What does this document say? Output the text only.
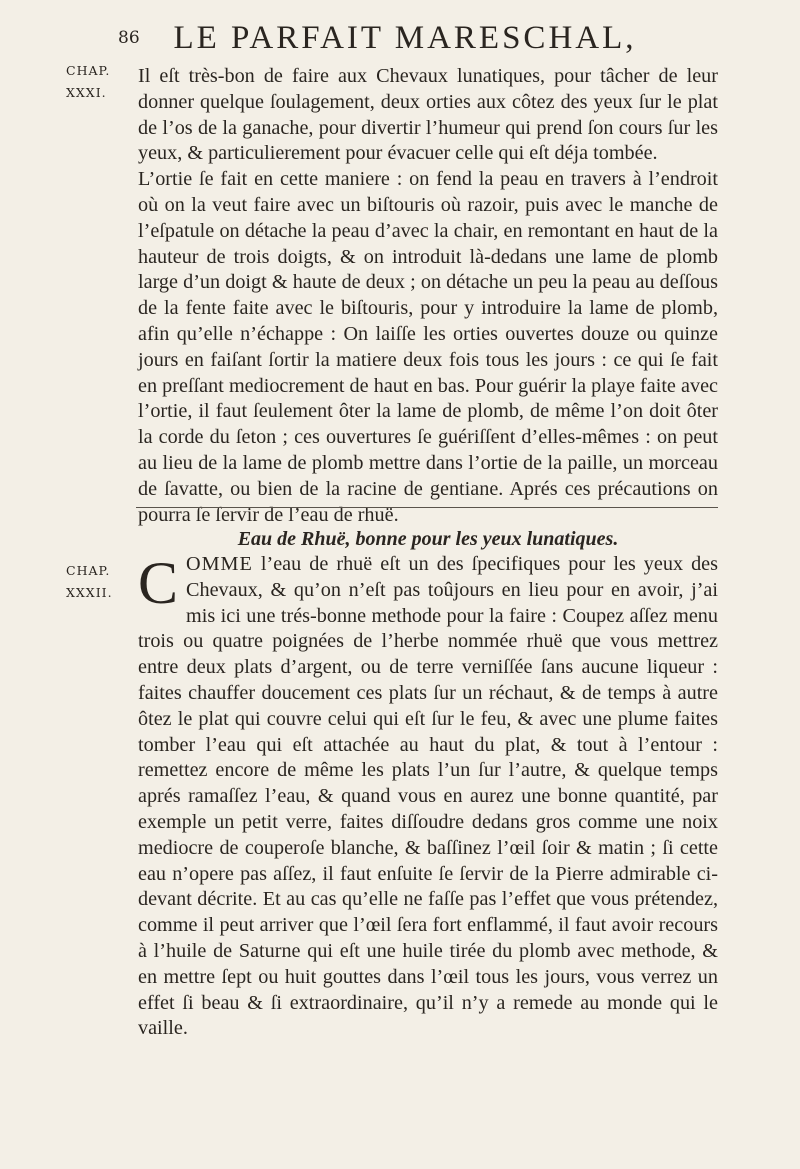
86	LE PARFAIT MARESCHAL,
CHAP. XXXI.
CHAP. XXXII.

Il eſt très-bon de faire aux Chevaux lunatiques, pour tâcher de leur donner quelque ſoulagement, deux orties aux côtez des yeux ſur le plat de l’os de la ganache, pour divertir l’humeur qui prend ſon cours ſur les yeux, & particulierement pour évacuer celle qui eſt déja tombée.

L’ortie ſe fait en cette maniere : on fend la peau en travers à l’endroit où on la veut faire avec un biſtouris où razoir, puis avec le manche de l’eſpatule on détache la peau d’avec la chair, en remontant en haut de la hauteur de trois doigts, & on introduit là-dedans une lame de plomb large d’un doigt & haute de deux ; on détache un peu la peau au deſſous de la fente faite avec le biſtouris, pour y introduire la lame de plomb, afin qu’elle n’échappe : On laiſſe les orties ouvertes douze ou quinze jours en faiſant ſortir la matiere deux fois tous les jours : ce qui ſe fait en preſſant mediocrement de haut en bas. Pour guérir la playe faite avec l’ortie, il faut ſeulement ôter la lame de plomb, de même l’on doit ôter la corde du ſeton ; ces ouvertures ſe guériſſent d’elles-mêmes : on peut au lieu de la lame de plomb mettre dans l’ortie de la paille, un morceau de ſavatte, ou bien de la racine de gentiane. Aprés ces précautions on pourra ſe ſervir de l’eau de rhuë.

Eau de Rhuë, bonne pour les yeux lunatiques.
COMME l’eau de rhuë eſt un des ſpecifiques pour les yeux des Chevaux, & qu’on n’eſt pas toûjours en lieu pour en avoir, j’ai mis ici une trés-bonne methode pour la faire : Coupez aſſez menu trois ou quatre poignées de l’herbe nommée rhuë que vous mettrez entre deux plats d’argent, ou de terre verniſſée ſans aucune liqueur : faites chauffer doucement ces plats ſur un réchaut, & de temps à autre ôtez le plat qui couvre celui qui eſt ſur le feu, & avec une plume faites tomber l’eau qui eſt attachée au haut du plat, & tout à l’entour : remettez encore de même les plats l’un ſur l’autre, & quelque temps aprés ramaſſez l’eau, & quand vous en aurez une bonne quantité, par exemple un petit verre, faites diſſoudre dedans gros comme une noix mediocre de couperoſe blanche, & baſſinez l’œil ſoir & matin ; ſi cette eau n’opere pas aſſez, il faut enſuite ſe ſervir de la Pierre admirable ci-devant décrite. Et au cas qu’elle ne faſſe pas l’effet que vous prétendez, comme il peut arriver que l’œil ſera fort enflammé, il faut avoir recours à l’huile de Saturne qui eſt une huile tirée du plomb avec methode, & en mettre ſept ou huit gouttes dans l’œil tous les jours, vous verrez un effet ſi beau & ſi extraordinaire, qu’il n’y a remede au monde qui le vaille.
